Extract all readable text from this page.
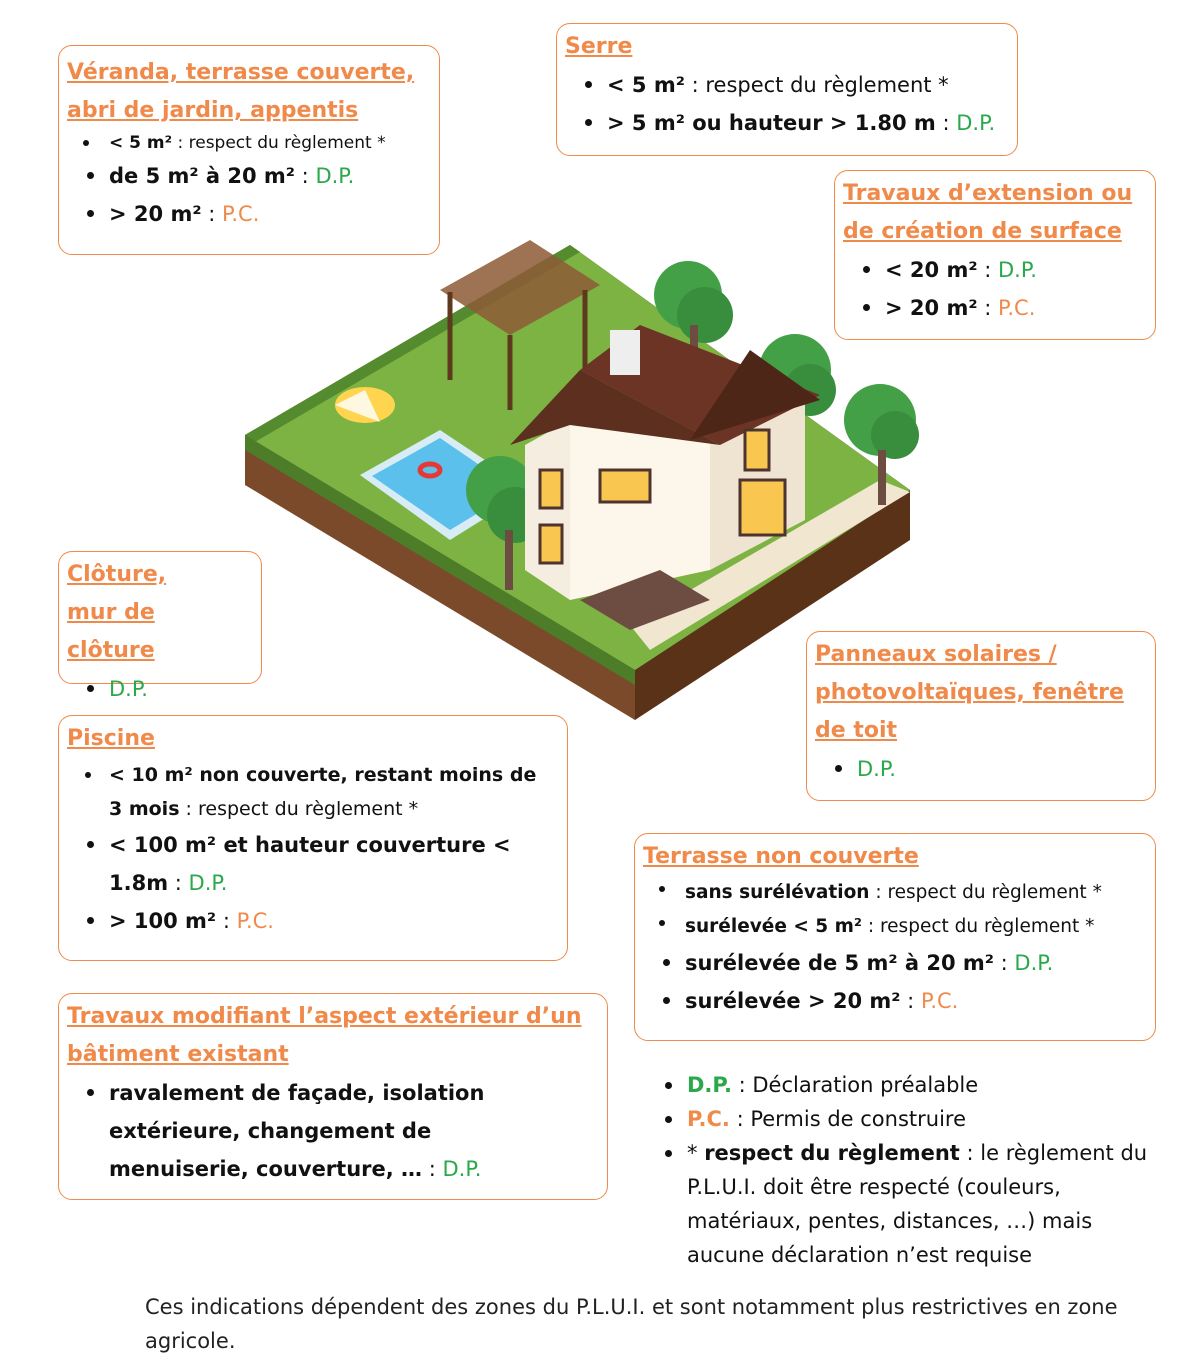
Véranda, terrasse couverte, abri de jardin, appentis
< 5 m² : respect du règlement *
de 5 m² à 20 m² : D.P.
> 20 m² : P.C.
Serre
< 5 m² : respect du règlement *
> 5 m² ou hauteur > 1.80 m : D.P.
Travaux d’extension ou de création de surface
< 20 m² : D.P.
> 20 m² : P.C.
Clôture, mur de clôture
D.P.
Panneaux solaires / photovoltaïques, fenêtre de toit
D.P.
Piscine
< 10 m² non couverte, restant moins de 3 mois : respect du règlement *
< 100 m² et hauteur couverture < 1.8m : D.P.
> 100 m² : P.C.
Terrasse non couverte
sans surélévation : respect du règlement *
surélevée < 5 m² : respect du règlement *
surélevée de 5 m² à 20 m² : D.P.
surélevée > 20 m² : P.C.
Travaux modifiant l’aspect extérieur d’un bâtiment existant
ravalement de façade, isolation extérieure, changement de menuiserie, couverture, … : D.P.
D.P. : Déclaration préalable
P.C. : Permis de construire
* respect du règlement : le règlement du P.L.U.I. doit être respecté (couleurs, matériaux, pentes, distances, …) mais aucune déclaration n’est requise
Ces indications dépendent des zones du P.L.U.I. et sont notamment plus restrictives en zone agricole.
